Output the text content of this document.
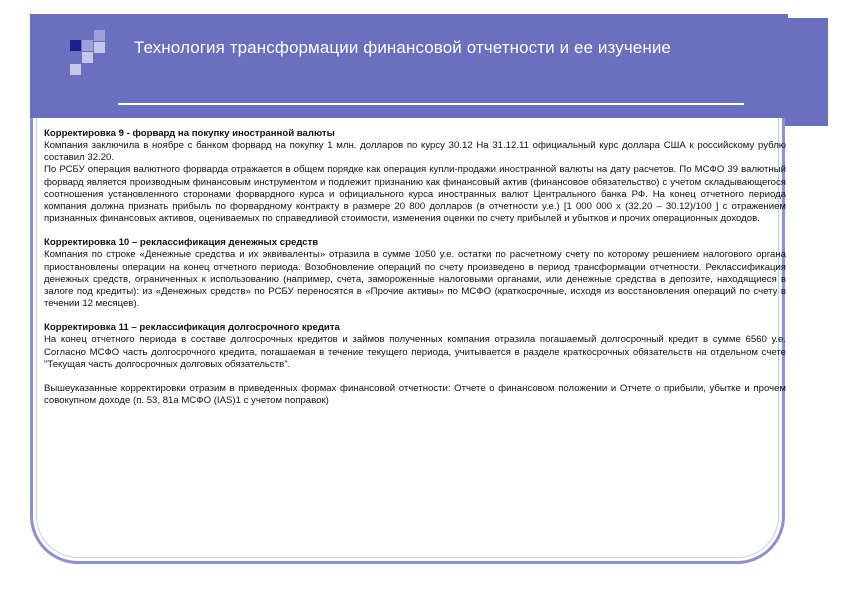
Технология трансформации финансовой отчетности и ее изучение

Корректировка 9 - форвард на покупку иностранной валюты

Компания заключила в ноябре с банком форвард на покупку 1 млн. долларов по курсу 30.12 На 31.12.11 официальный курс доллара США к российскому рублю составил 32.20.

По РСБУ операция валютного форварда отражается в общем порядке как операция купли-продажи иностранной валюты на дату расчетов. По МСФО 39 валютный форвард является производным финансовым инструментом и подлежит признанию как финансовый актив (финансовое обязательство) с учетом складывающегося соотношения установленного сторонами форвардного курса и официального курса иностранных валют Центрального банка РФ. На конец отчетного периода компания должна признать прибыль по форвардному контракту в размере 20 800 долларов (в отчетности у.е.) [1 000 000 х (32.20 – 30.12)/100 ] с отражением признанных финансовых активов, оцениваемых по справедливой стоимости, изменения оценки по счету прибылей и убытков и прочих операционных доходов.

Корректировка 10 – реклассификация денежных средств

Компания по строке «Денежные средства и их эквиваленты» отразила в сумме 1050 у.е. остатки по расчетному счету по которому решением налогового органа приостановлены операции на конец отчетного периода. Возобновление операций по счету произведено в период трансформации отчетности. Реклассификация денежных средств, ограниченных к использованию (например, счета, замороженные налоговыми органами, или денежные средства в депозите, находящиеся в залоге под кредиты): из «Денежных средств» по РСБУ переносятся в «Прочие активы» по МСФО (краткосрочные, исходя из восстановления операций по счету в течении 12 месяцев).

Корректировка 11 – реклассификация долгосрочного кредита

На конец отчетного периода в составе долгосрочных кредитов и займов полученных компания отразила погашаемый долгосрочный кредит в сумме 6560 у.е. Согласно МСФО часть долгосрочного кредита, погашаемая в течение текущего периода, учитывается в разделе краткосрочных обязательств на отдельном счете "Текущая часть долгосрочных долговых обязательств".

Вышеуказанные корректировки отразим в приведенных формах финансовой отчетности: Отчете о финансовом положении и Отчете о прибыли, убытке и прочем совокупном доходе (п. 53, 81а МСФО (IAS)1 с учетом поправок)
